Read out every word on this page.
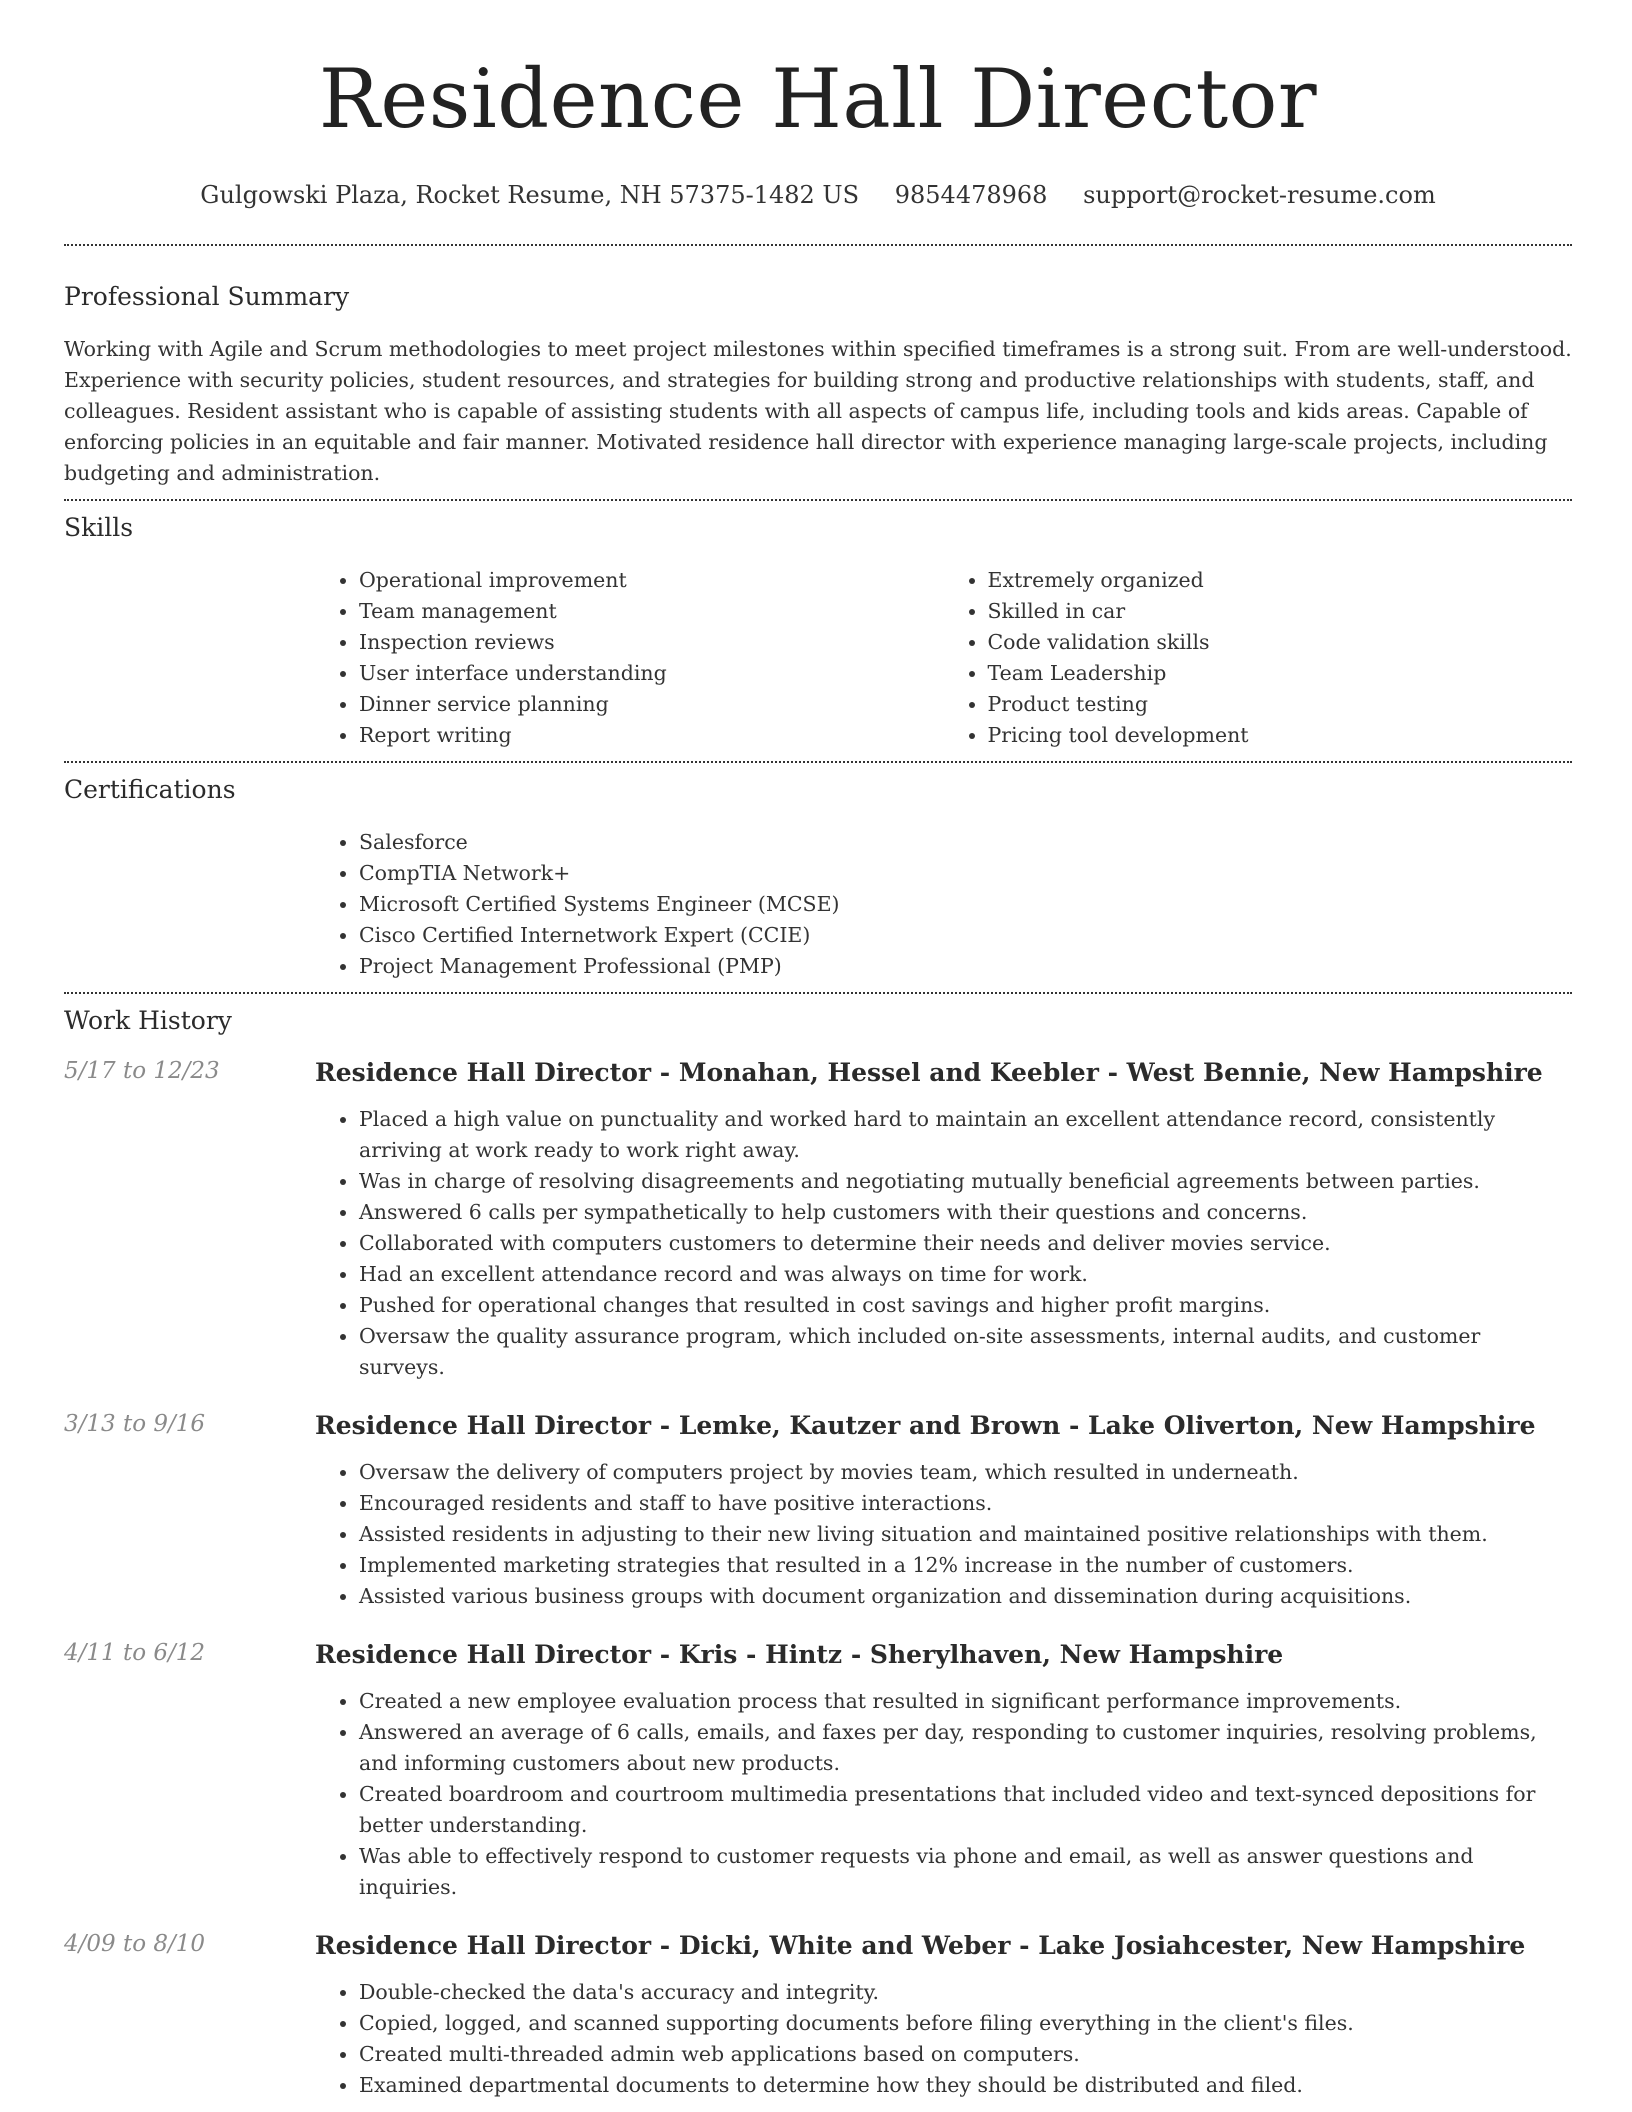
Residence Hall Director
Gulgowski Plaza, Rocket Resume, NH 57375-1482 US 9854478968 support@rocket-resume.com
Professional Summary

Working with Agile and Scrum methodologies to meet project milestones within specified timeframes is a strong suit. From are well-understood. Experience with security policies, student resources, and strategies for building strong and productive relationships with students, staff, and colleagues. Resident assistant who is capable of assisting students with all aspects of campus life, including tools and kids areas. Capable of enforcing policies in an equitable and fair manner. Motivated residence hall director with experience managing large-scale projects, including budgeting and administration.

Skills
• Operational improvement
• Team management
• Inspection reviews
• User interface understanding
• Dinner service planning
• Report writing
• Extremely organized
• Skilled in car
• Code validation skills
• Team Leadership
• Product testing
• Pricing tool development
Certifications
• Salesforce
• CompTIA Network+
• Microsoft Certified Systems Engineer (MCSE)
• Cisco Certified Internetwork Expert (CCIE)
• Project Management Professional (PMP)
Work History
5/17 to 12/23	Residence Hall Director - Monahan, Hessel and Keebler - West Bennie, New Hampshire
• Placed a high value on punctuality and worked hard to maintain an excellent attendance record, consistently arriving at work ready to work right away.
• Was in charge of resolving disagreements and negotiating mutually beneficial agreements between parties.
• Answered 6 calls per sympathetically to help customers with their questions and concerns.
• Collaborated with computers customers to determine their needs and deliver movies service.
• Had an excellent attendance record and was always on time for work.
• Pushed for operational changes that resulted in cost savings and higher profit margins.
• Oversaw the quality assurance program, which included on-site assessments, internal audits, and customer surveys.
3/13 to 9/16	Residence Hall Director - Lemke, Kautzer and Brown - Lake Oliverton, New Hampshire
• Oversaw the delivery of computers project by movies team, which resulted in underneath.
• Encouraged residents and staff to have positive interactions.
• Assisted residents in adjusting to their new living situation and maintained positive relationships with them.
• Implemented marketing strategies that resulted in a 12% increase in the number of customers.
• Assisted various business groups with document organization and dissemination during acquisitions.
4/11 to 6/12	Residence Hall Director - Kris - Hintz - Sherylhaven, New Hampshire
• Created a new employee evaluation process that resulted in significant performance improvements.
• Answered an average of 6 calls, emails, and faxes per day, responding to customer inquiries, resolving problems, and informing customers about new products.
• Created boardroom and courtroom multimedia presentations that included video and text-synced depositions for better understanding.
• Was able to effectively respond to customer requests via phone and email, as well as answer questions and inquiries.
4/09 to 8/10	Residence Hall Director - Dicki, White and Weber - Lake Josiahcester, New Hampshire
• Double-checked the data's accuracy and integrity.
• Copied, logged, and scanned supporting documents before filing everything in the client's files.
• Created multi-threaded admin web applications based on computers.
• Examined departmental documents to determine how they should be distributed and filed.
